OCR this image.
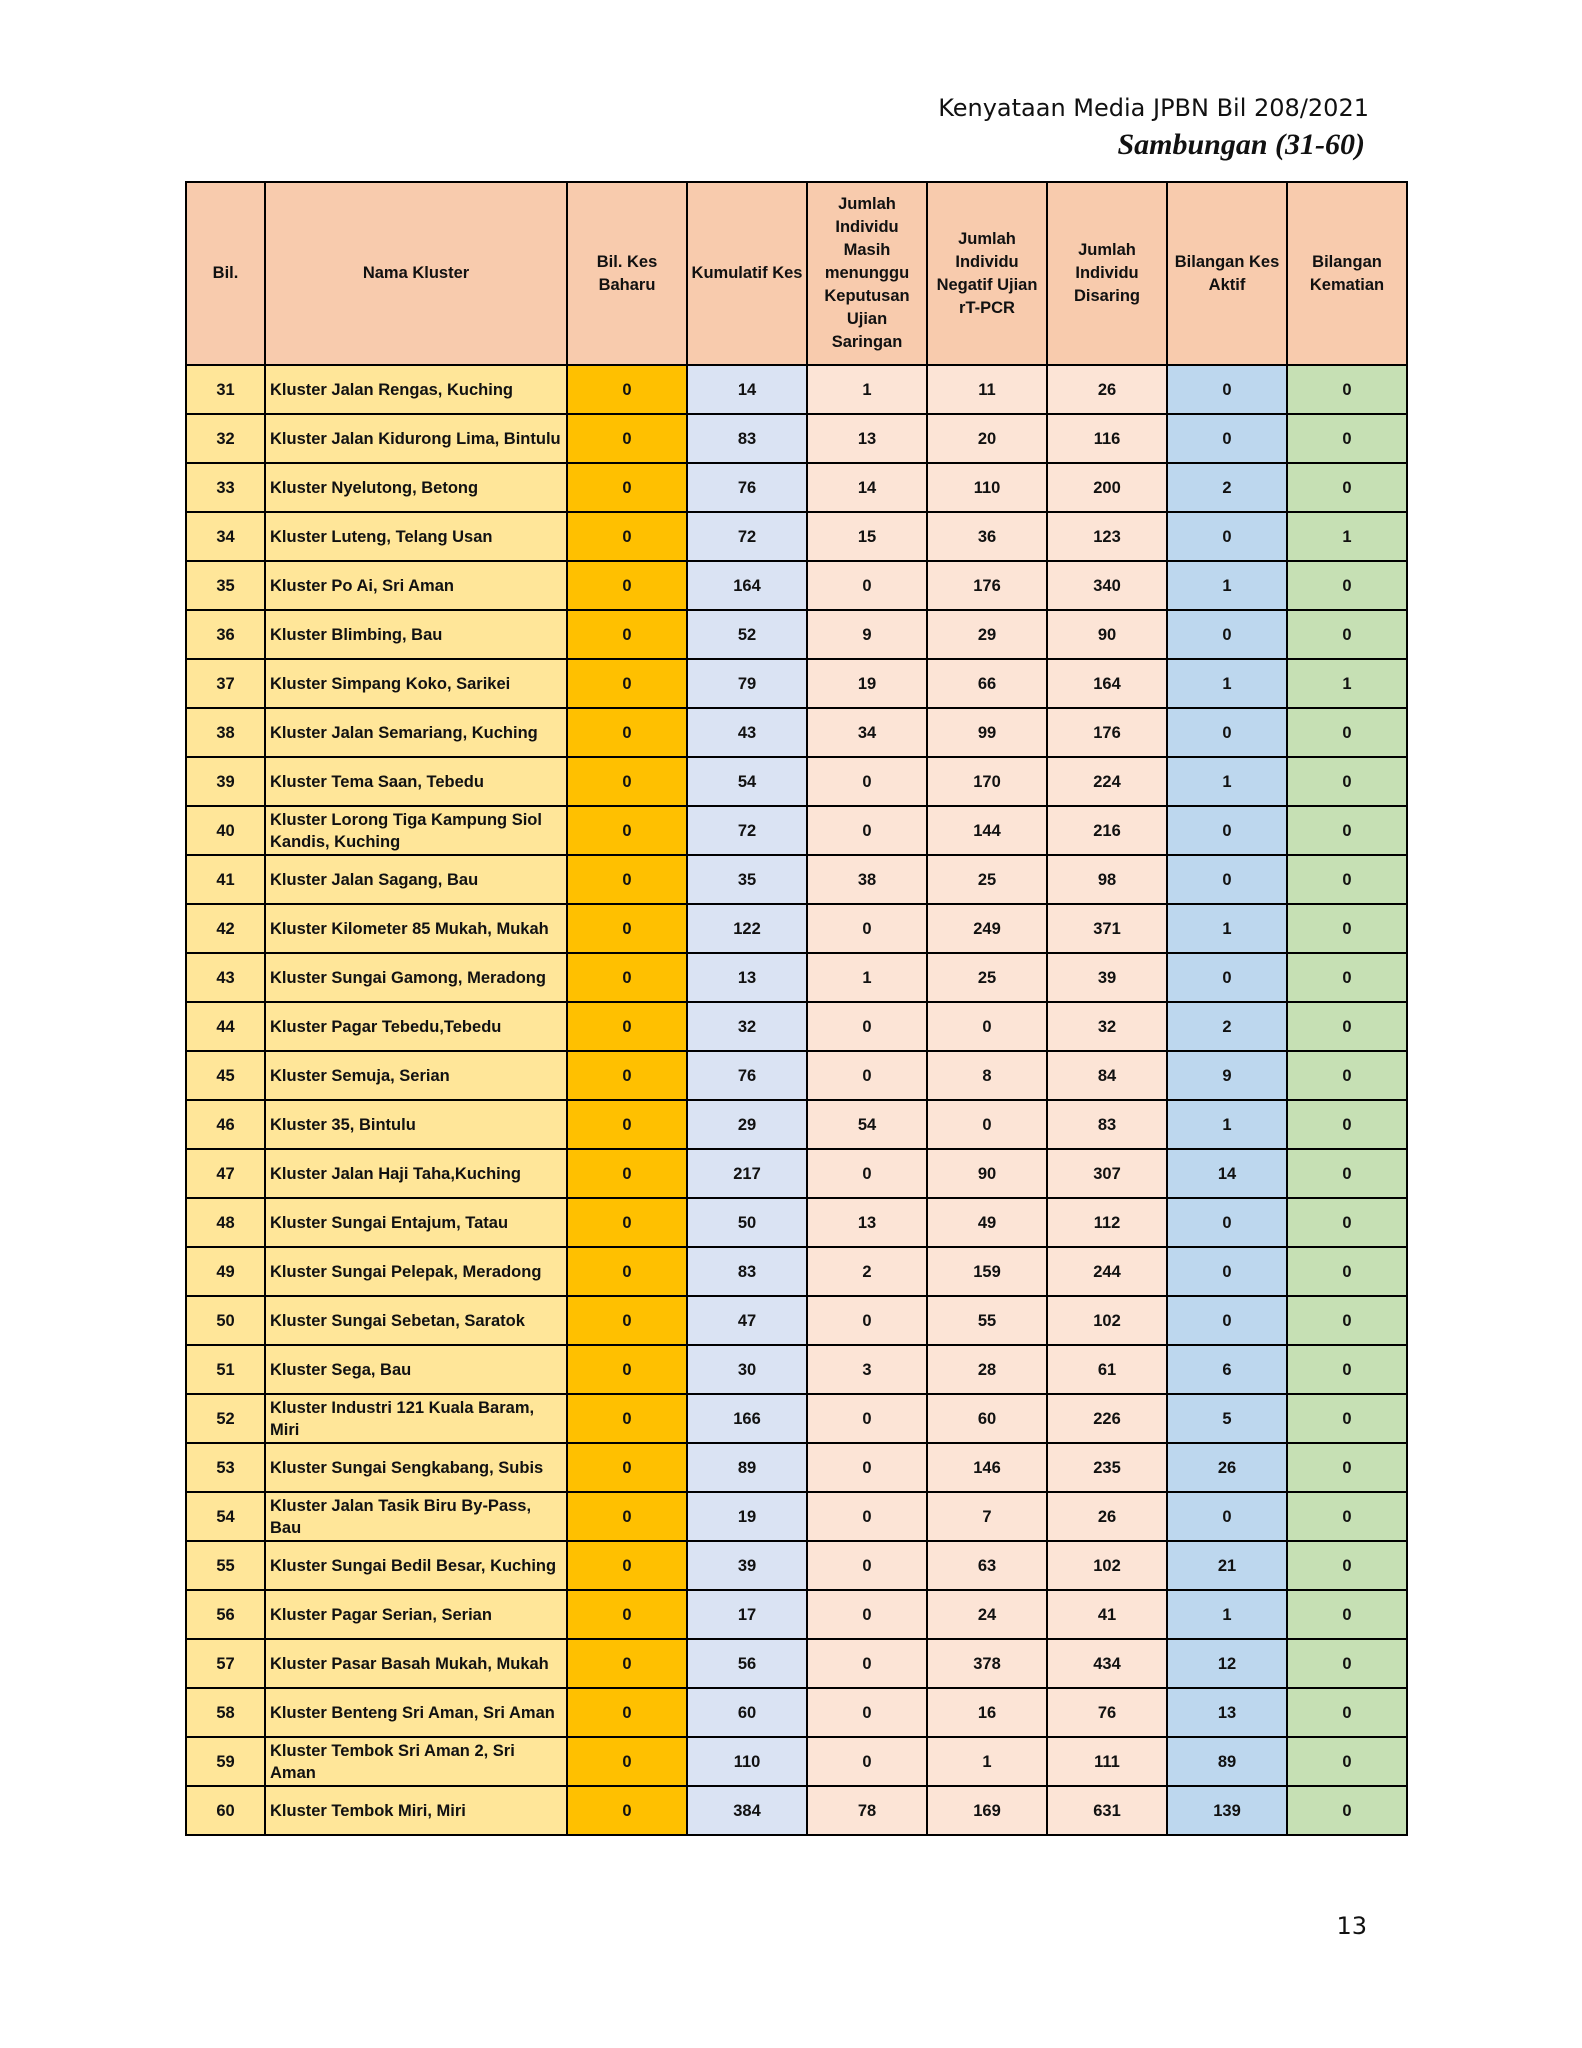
Kenyataan Media JPBN Bil 208/2021
Sambungan (31-60)
Bil.	Nama Kluster	Bil. Kes Baharu	Kumulatif Kes	Jumlah Individu Masih menunggu Keputusan Ujian Saringan	Jumlah Individu Negatif Ujian rT-PCR	Jumlah Individu Disaring	Bilangan Kes Aktif	Bilangan Kematian
31	Kluster Jalan Rengas, Kuching	0	14	1	11	26	0	0
32	Kluster Jalan Kidurong Lima, Bintulu	0	83	13	20	116	0	0
33	Kluster Nyelutong, Betong	0	76	14	110	200	2	0
34	Kluster Luteng, Telang Usan	0	72	15	36	123	0	1
35	Kluster Po Ai, Sri Aman	0	164	0	176	340	1	0
36	Kluster Blimbing, Bau	0	52	9	29	90	0	0
37	Kluster Simpang Koko, Sarikei	0	79	19	66	164	1	1
38	Kluster Jalan Semariang, Kuching	0	43	34	99	176	0	0
39	Kluster Tema Saan, Tebedu	0	54	0	170	224	1	0
40	Kluster Lorong Tiga Kampung Siol Kandis, Kuching	0	72	0	144	216	0	0
41	Kluster Jalan Sagang, Bau	0	35	38	25	98	0	0
42	Kluster Kilometer 85 Mukah, Mukah	0	122	0	249	371	1	0
43	Kluster Sungai Gamong, Meradong	0	13	1	25	39	0	0
44	Kluster Pagar Tebedu,Tebedu	0	32	0	0	32	2	0
45	Kluster Semuja, Serian	0	76	0	8	84	9	0
46	Kluster 35, Bintulu	0	29	54	0	83	1	0
47	Kluster Jalan Haji Taha,Kuching	0	217	0	90	307	14	0
48	Kluster Sungai Entajum, Tatau	0	50	13	49	112	0	0
49	Kluster Sungai Pelepak, Meradong	0	83	2	159	244	0	0
50	Kluster Sungai Sebetan, Saratok	0	47	0	55	102	0	0
51	Kluster Sega, Bau	0	30	3	28	61	6	0
52	Kluster Industri 121 Kuala Baram, Miri	0	166	0	60	226	5	0
53	Kluster Sungai Sengkabang, Subis	0	89	0	146	235	26	0
54	Kluster Jalan Tasik Biru By-Pass, Bau	0	19	0	7	26	0	0
55	Kluster Sungai Bedil Besar, Kuching	0	39	0	63	102	21	0
56	Kluster Pagar Serian, Serian	0	17	0	24	41	1	0
57	Kluster Pasar Basah Mukah, Mukah	0	56	0	378	434	12	0
58	Kluster Benteng Sri Aman, Sri Aman	0	60	0	16	76	13	0
59	Kluster Tembok Sri Aman 2, Sri Aman	0	110	0	1	111	89	0
60	Kluster Tembok Miri, Miri	0	384	78	169	631	139	0
13
